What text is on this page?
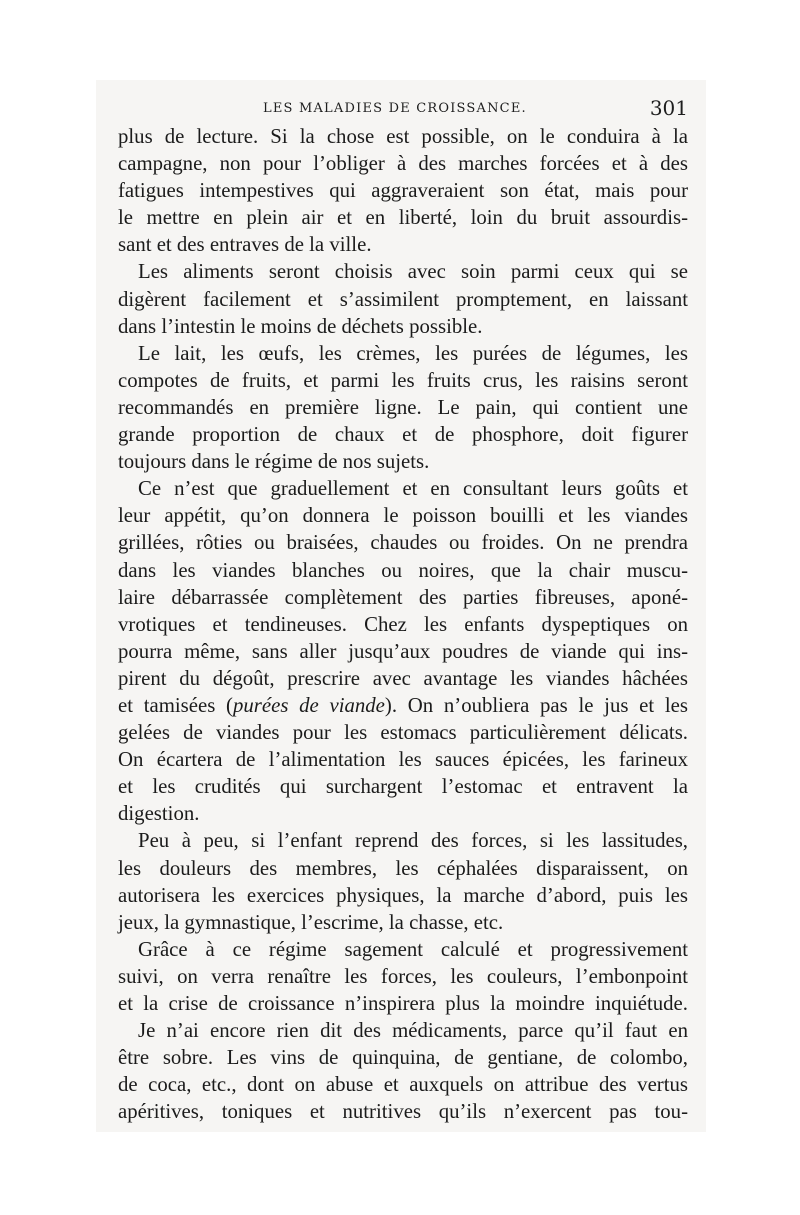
LES MALADIES DE CROISSANCE.	301
plus de lecture. Si la chose est possible, on le conduira à la
campagne, non pour l’obliger à des marches forcées et à des
fatigues intempestives qui aggraveraient son état, mais pour
le mettre en plein air et en liberté, loin du bruit assourdis-
sant et des entraves de la ville.
Les aliments seront choisis avec soin parmi ceux qui se
digèrent facilement et s’assimilent promptement, en laissant
dans l’intestin le moins de déchets possible.
Le lait, les œufs, les crèmes, les purées de légumes, les
compotes de fruits, et parmi les fruits crus, les raisins seront
recommandés en première ligne. Le pain, qui contient une
grande proportion de chaux et de phosphore, doit figurer
toujours dans le régime de nos sujets.
Ce n’est que graduellement et en consultant leurs goûts et
leur appétit, qu’on donnera le poisson bouilli et les viandes
grillées, rôties ou braisées, chaudes ou froides. On ne prendra
dans les viandes blanches ou noires, que la chair muscu-
laire débarrassée complètement des parties fibreuses, aponé-
vrotiques et tendineuses. Chez les enfants dyspeptiques on
pourra même, sans aller jusqu’aux poudres de viande qui ins-
pirent du dégoût, prescrire avec avantage les viandes hâchées
et tamisées (purées de viande). On n’oubliera pas le jus et les
gelées de viandes pour les estomacs particulièrement délicats.
On écartera de l’alimentation les sauces épicées, les farineux
et les crudités qui surchargent l’estomac et entravent la
digestion.
Peu à peu, si l’enfant reprend des forces, si les lassitudes,
les douleurs des membres, les céphalées disparaissent, on
autorisera les exercices physiques, la marche d’abord, puis les
jeux, la gymnastique, l’escrime, la chasse, etc.
Grâce à ce régime sagement calculé et progressivement
suivi, on verra renaître les forces, les couleurs, l’embonpoint
et la crise de croissance n’inspirera plus la moindre inquiétude.
Je n’ai encore rien dit des médicaments, parce qu’il faut en
être sobre. Les vins de quinquina, de gentiane, de colombo,
de coca, etc., dont on abuse et auxquels on attribue des vertus
apéritives, toniques et nutritives qu’ils n’exercent pas tou-
